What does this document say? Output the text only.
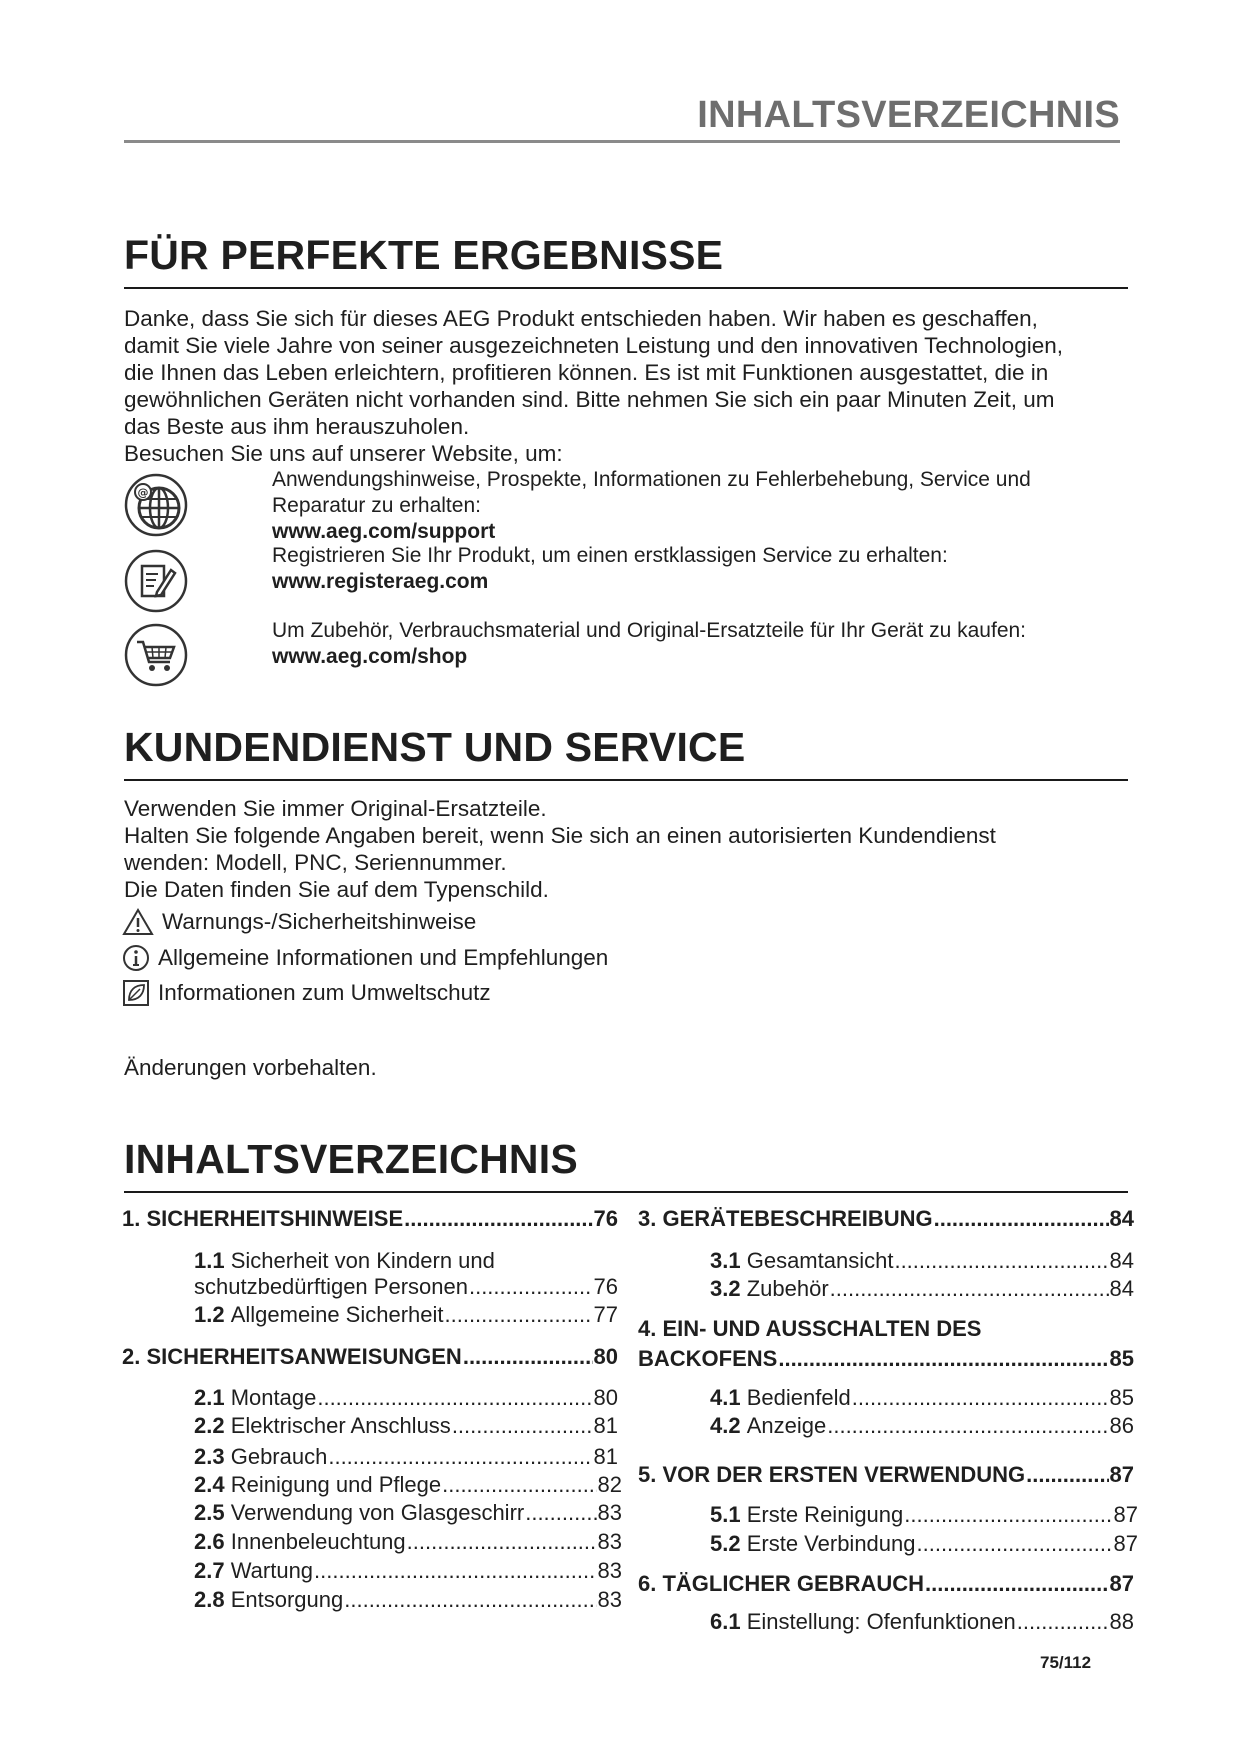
INHALTSVERZEICHNIS
FÜR PERFEKTE ERGEBNISSE
Danke, dass Sie sich für dieses AEG Produkt entschieden haben. Wir haben es geschaffen,
damit Sie viele Jahre von seiner ausgezeichneten Leistung und den innovativen Technologien,
die Ihnen das Leben erleichtern, profitieren können. Es ist mit Funktionen ausgestattet, die in
gewöhnlichen Geräten nicht vorhanden sind. Bitte nehmen Sie sich ein paar Minuten Zeit, um
das Beste aus ihm herauszuholen.
Besuchen Sie uns auf unserer Website, um:
@
Anwendungshinweise, Prospekte, Informationen zu Fehlerbehebung, Service und
Reparatur zu erhalten:
www.aeg.com/support
Registrieren Sie Ihr Produkt, um einen erstklassigen Service zu erhalten:
www.registeraeg.com
Um Zubehör, Verbrauchsmaterial und Original-Ersatzteile für Ihr Gerät zu kaufen:
www.aeg.com/shop
KUNDENDIENST UND SERVICE
Verwenden Sie immer Original-Ersatzteile.
Halten Sie folgende Angaben bereit, wenn Sie sich an einen autorisierten Kundendienst
wenden: Modell, PNC, Seriennummer.
Die Daten finden Sie auf dem Typenschild.
Warnungs-/Sicherheitshinweise
Allgemeine Informationen und Empfehlungen
Informationen zum Umweltschutz
Änderungen vorbehalten.
INHALTSVERZEICHNIS
1. SICHERHEITSHINWEISE .....	76
1.1 Sicherheit von Kindern und
schutzbedürftigen Personen .....	76
1.2
Allgemeine Sicherheit .....	77
2. SICHERHEITSANWEISUNGEN .....	80
2.1
Montage .....	80
2.2
Elektrischer Anschluss .....	81
2.3
Gebrauch .....	81
2.4
Reinigung und Pflege .....	82
2.5
Verwendung von Glasgeschirr .....	83
2.6
Innenbeleuchtung .....	83
2.7
Wartung .....	83
2.8
Entsorgung .....	83
3. GERÄTEBESCHREIBUNG .....	84
3.1
Gesamtansicht .....	84
3.2
Zubehör .....	84
4. EIN- UND AUSSCHALTEN DES
BACKOFENS .....	85
4.1
Bedienfeld .....	85
4.2
Anzeige .....	86
5. VOR DER ERSTEN VERWENDUNG .....	87
5.1
Erste Reinigung .....	87
5.2
Erste Verbindung .....	87
6. TÄGLICHER GEBRAUCH .....	87
6.1
Einstellung: Ofenfunktionen .....	88
75/112
